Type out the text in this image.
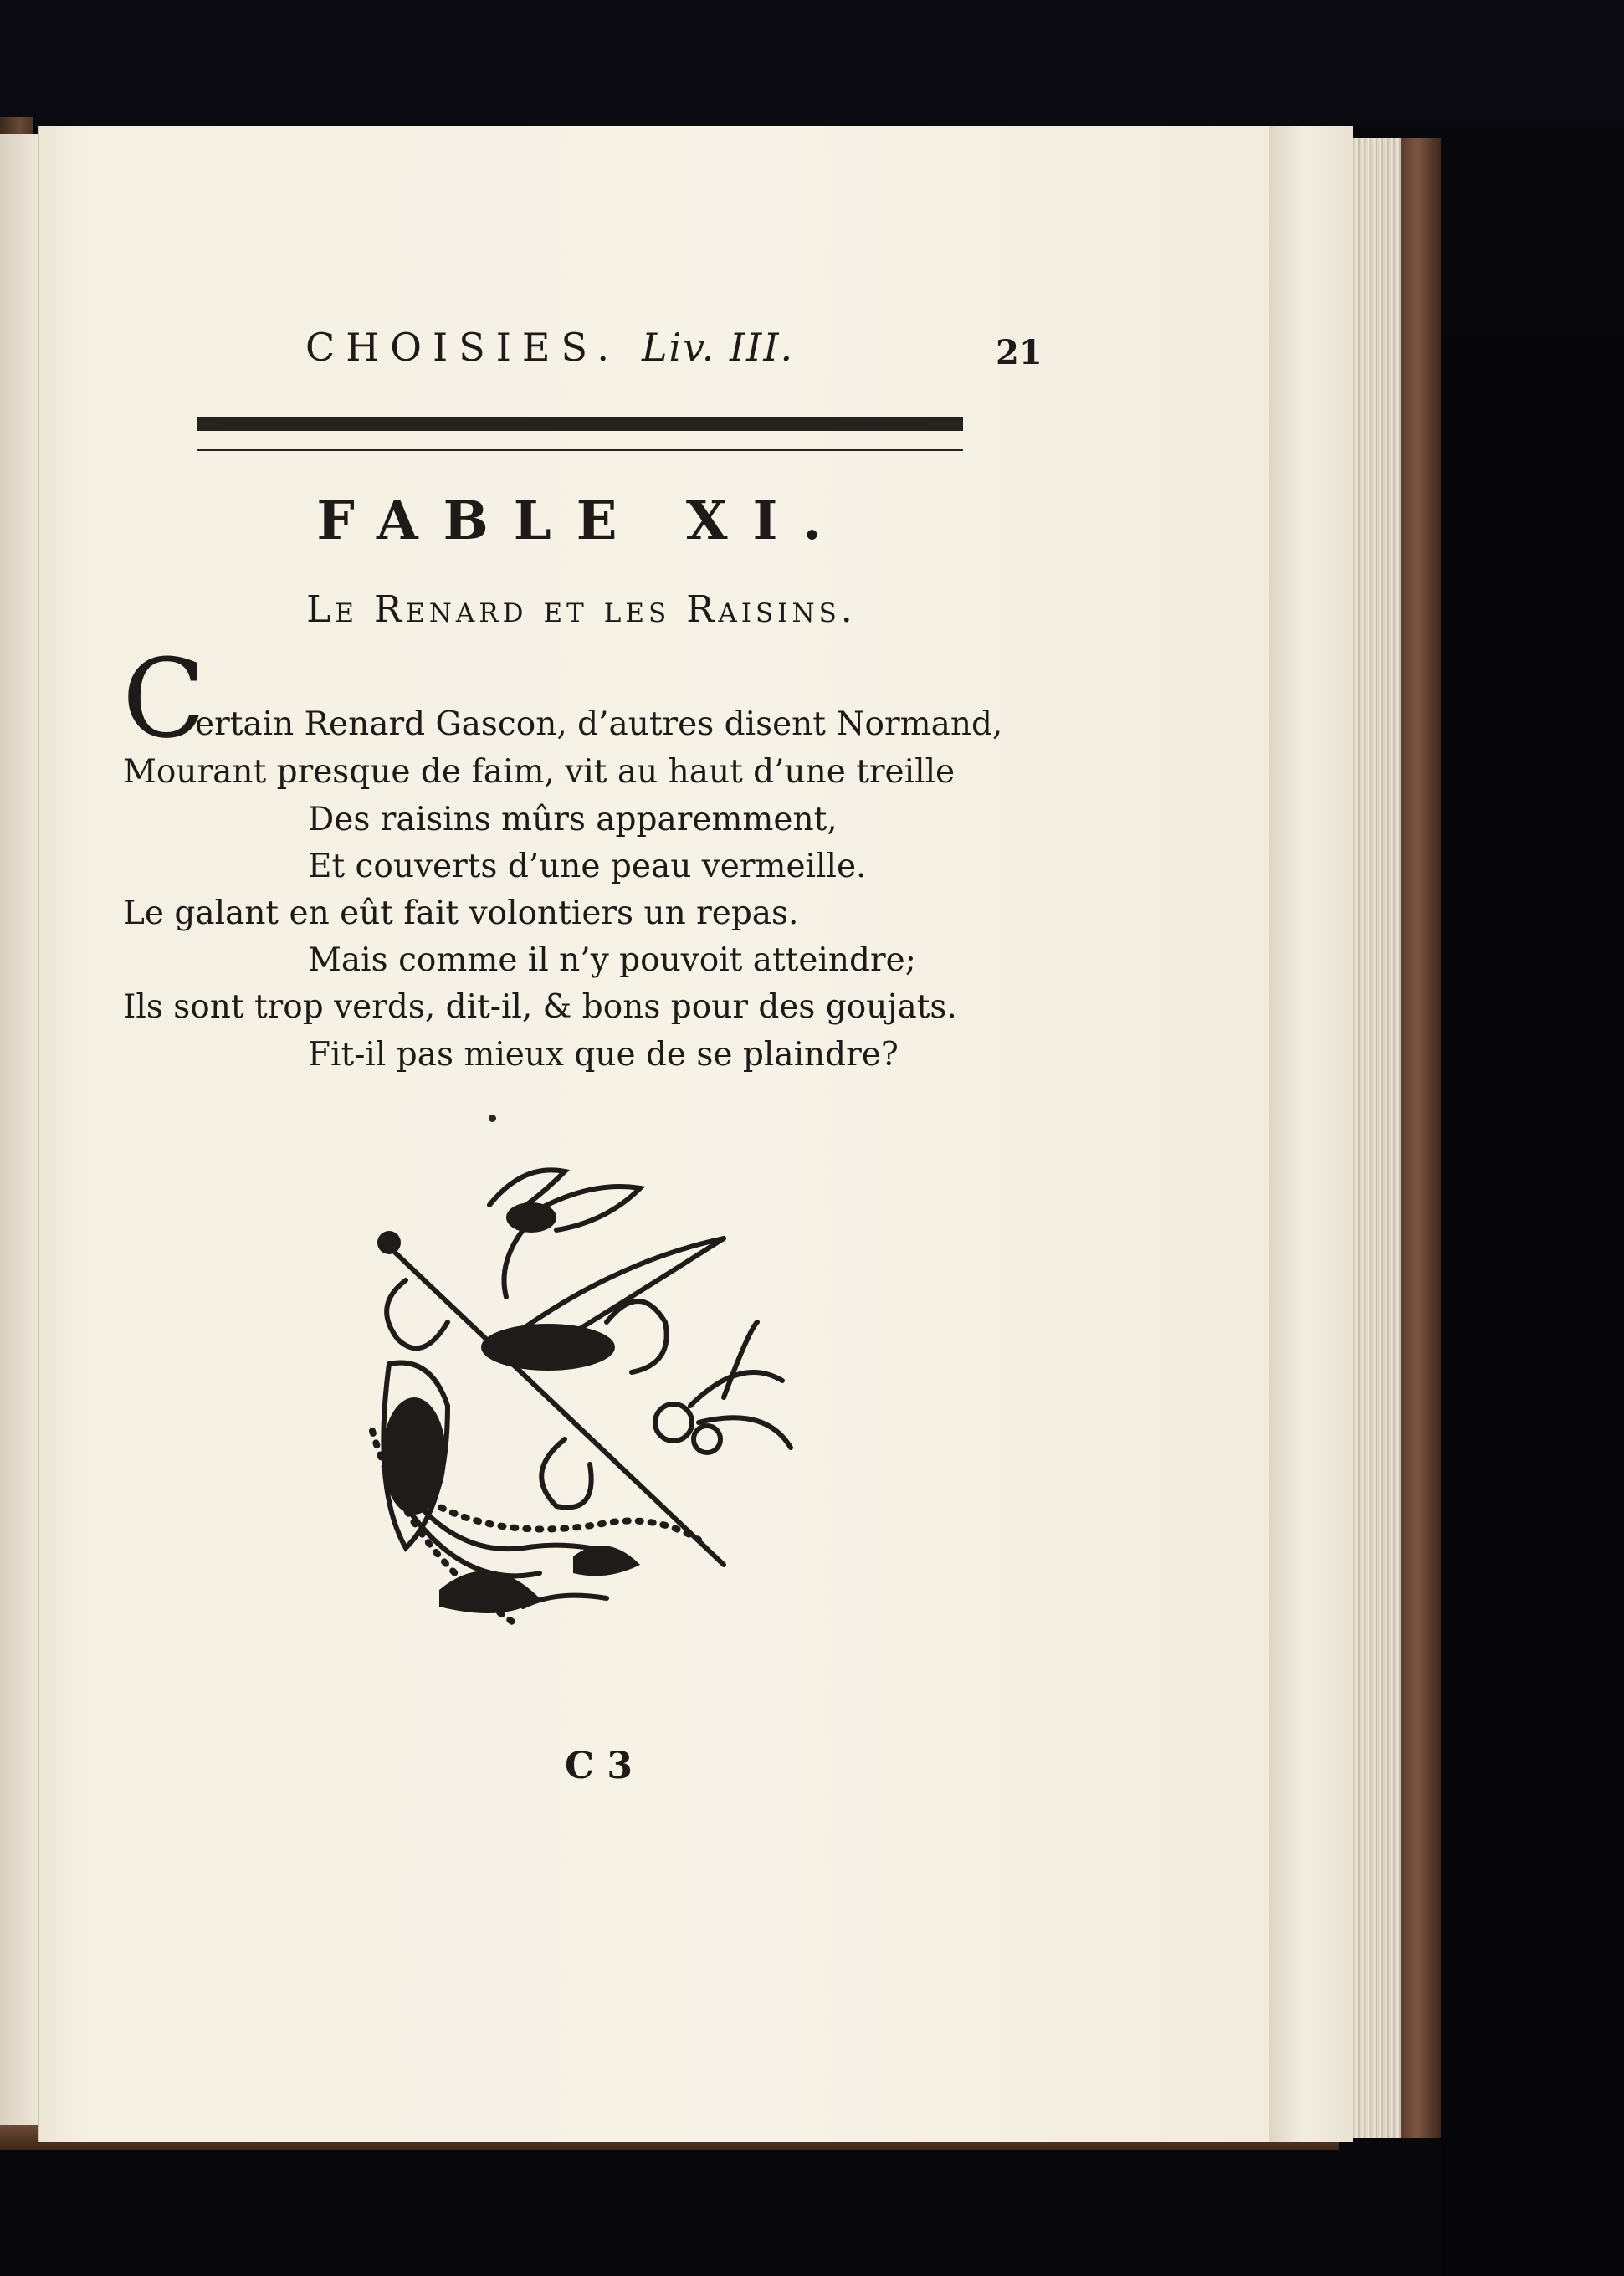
CHOISIES. Liv. III.	21
FABLE XI.
Le Renard et les Raisins.
C
ertain Renard Gascon, d’autres disent Normand,
Mourant presque de faim, vit au haut d’une treille
Des raisins mûrs apparemment,
Et couverts d’une peau vermeille.
Le galant en eût fait volontiers un repas.
Mais comme il n’y pouvoit atteindre;
Ils sont trop verds, dit-il, & bons pour des goujats.
Fit-il pas mieux que de se plaindre?
C 3
